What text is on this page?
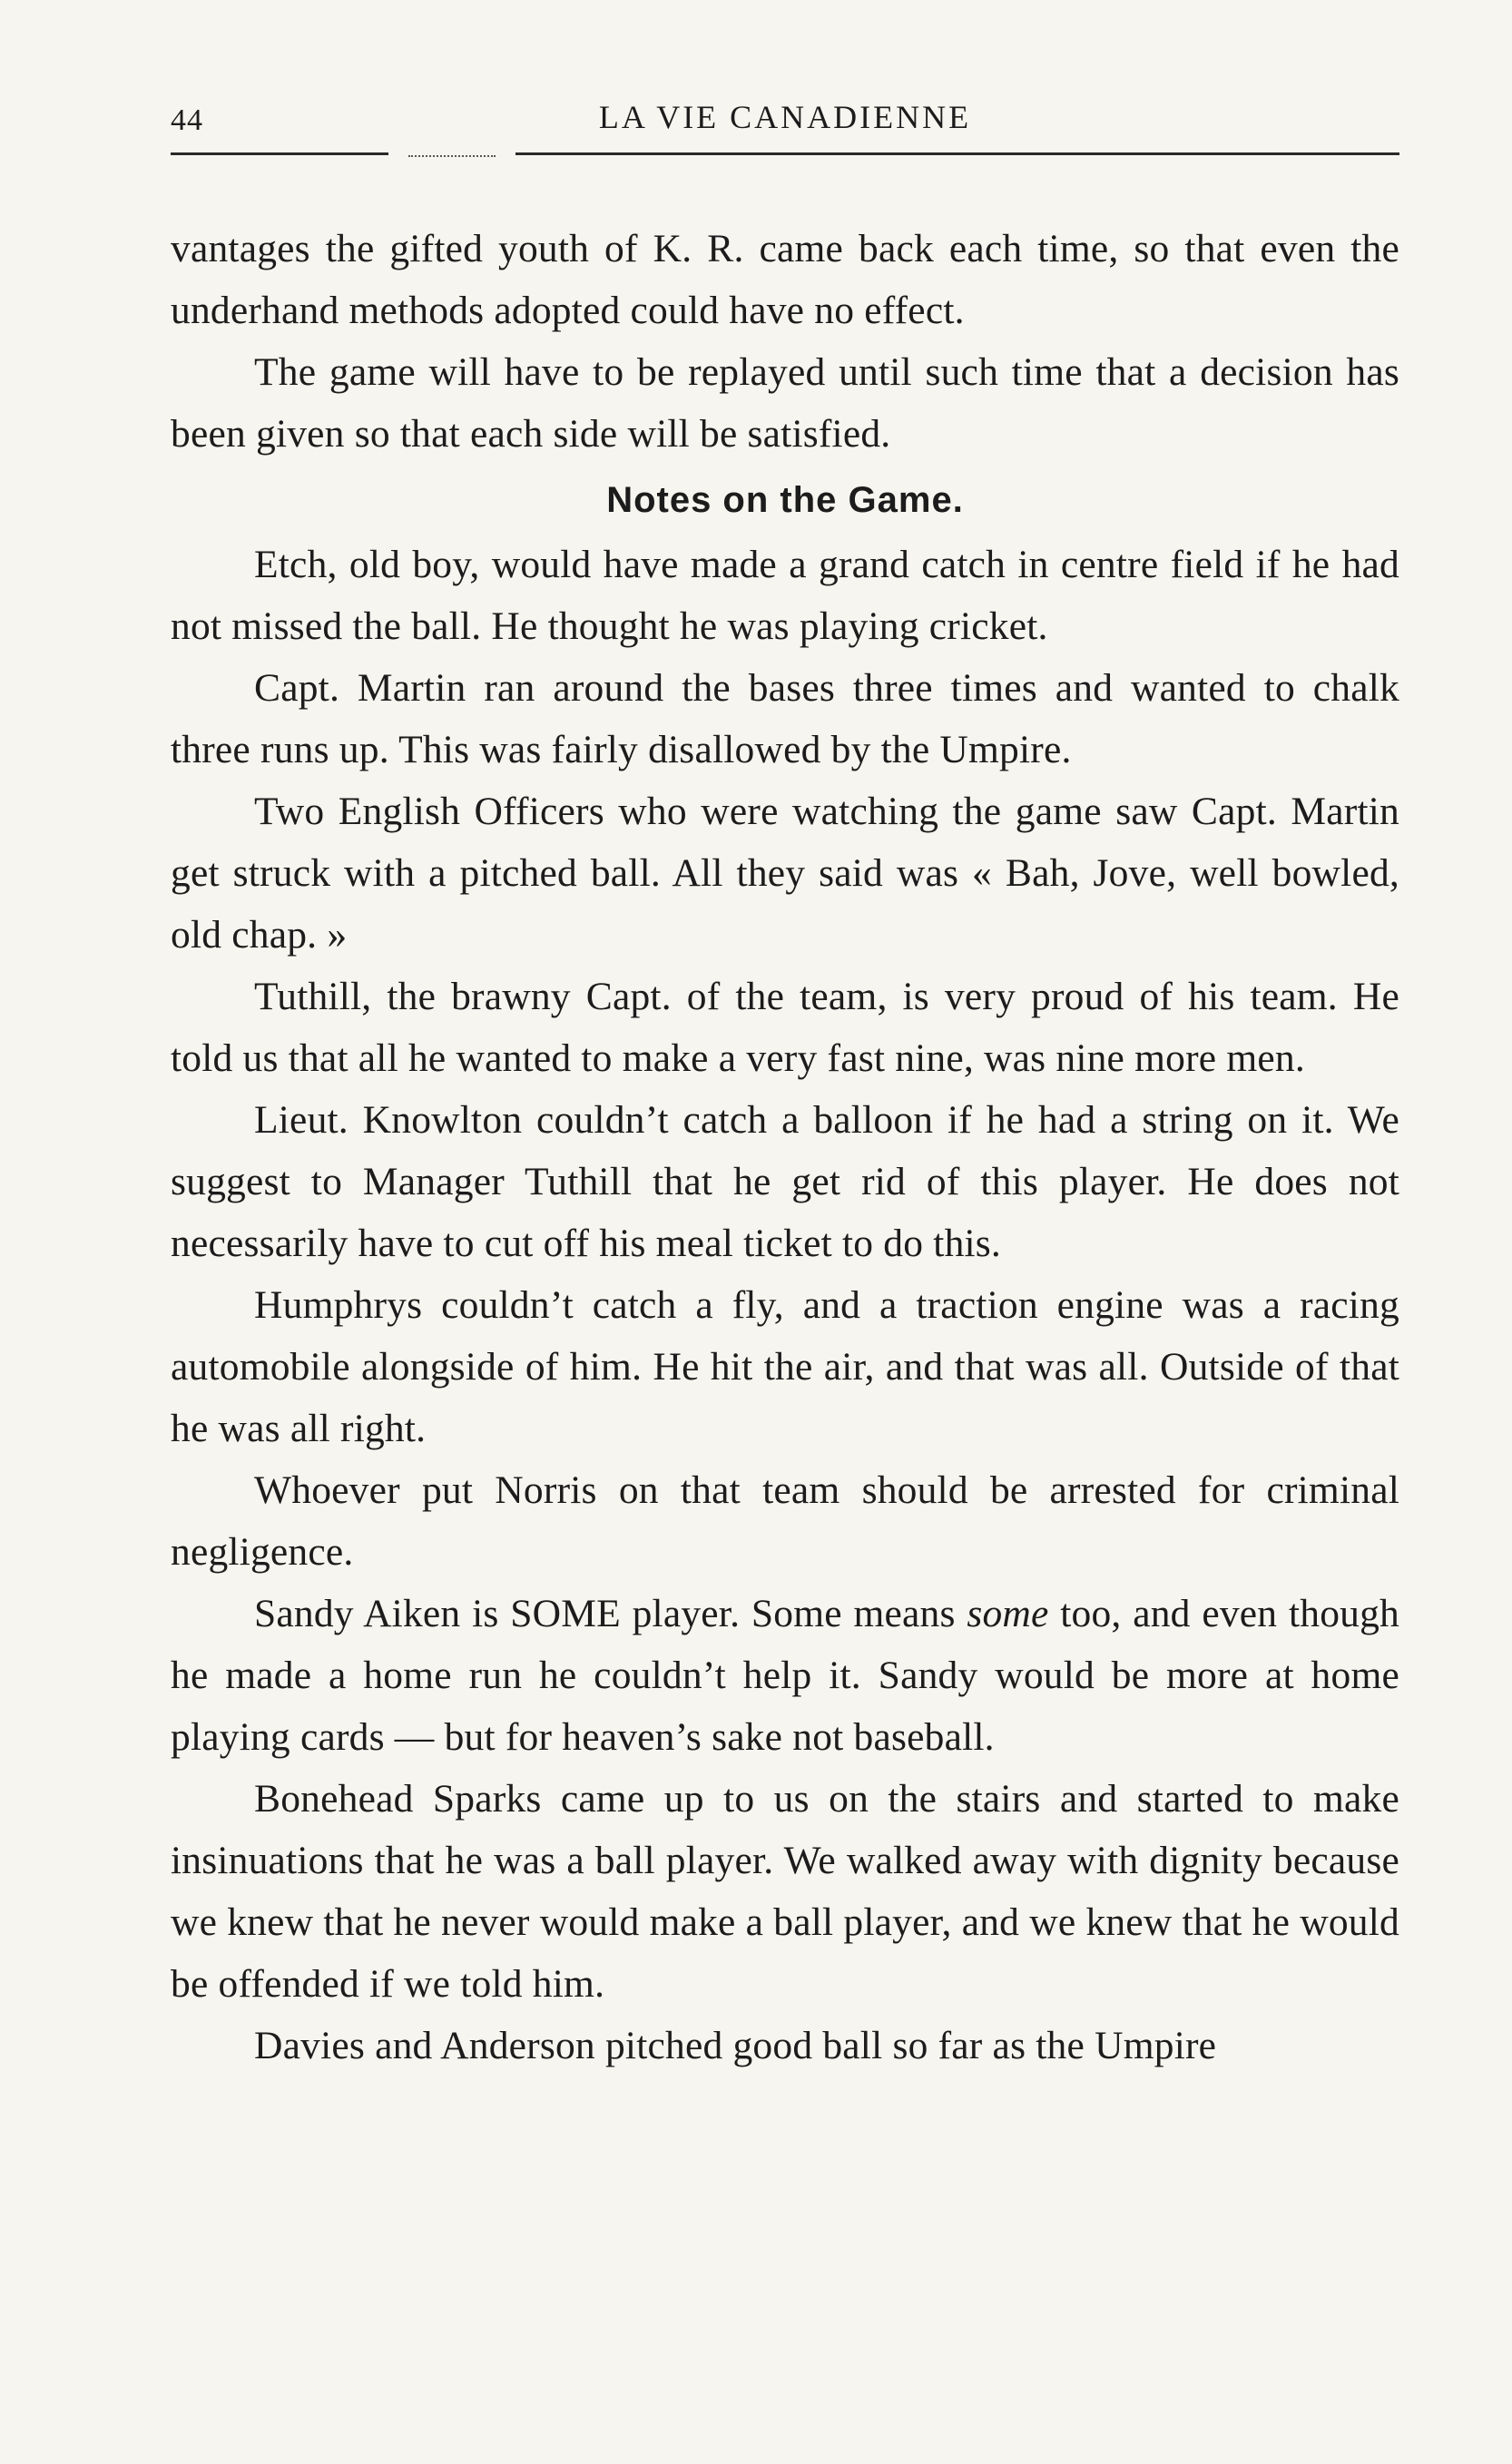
44	LA VIE CANADIENNE

vantages the gifted youth of K. R. came back each time, so that even the underhand methods adopted could have no effect.

The game will have to be replayed until such time that a decision has been given so that each side will be satisfied.

Notes on the Game.

Etch, old boy, would have made a grand catch in centre field if he had not missed the ball. He thought he was playing cricket.

Capt. Martin ran around the bases three times and wanted to chalk three runs up. This was fairly disallowed by the Umpire.

Two English Officers who were watching the game saw Capt. Martin get struck with a pitched ball. All they said was « Bah, Jove, well bowled, old chap. »

Tuthill, the brawny Capt. of the team, is very proud of his team. He told us that all he wanted to make a very fast nine, was nine more men.

Lieut. Knowlton couldn’t catch a balloon if he had a string on it. We suggest to Manager Tuthill that he get rid of this player. He does not necessarily have to cut off his meal ticket to do this.

Humphrys couldn’t catch a fly, and a traction engine was a racing automobile alongside of him. He hit the air, and that was all. Outside of that he was all right.

Whoever put Norris on that team should be arrested for criminal negligence.

Sandy Aiken is SOME player. Some means some too, and even though he made a home run he couldn’t help it. Sandy would be more at home playing cards — but for heaven’s sake not baseball.

Bonehead Sparks came up to us on the stairs and started to make insinuations that he was a ball player. We walked away with dignity because we knew that he never would make a ball player, and we knew that he would be offended if we told him.

Davies and Anderson pitched good ball so far as the Umpire
